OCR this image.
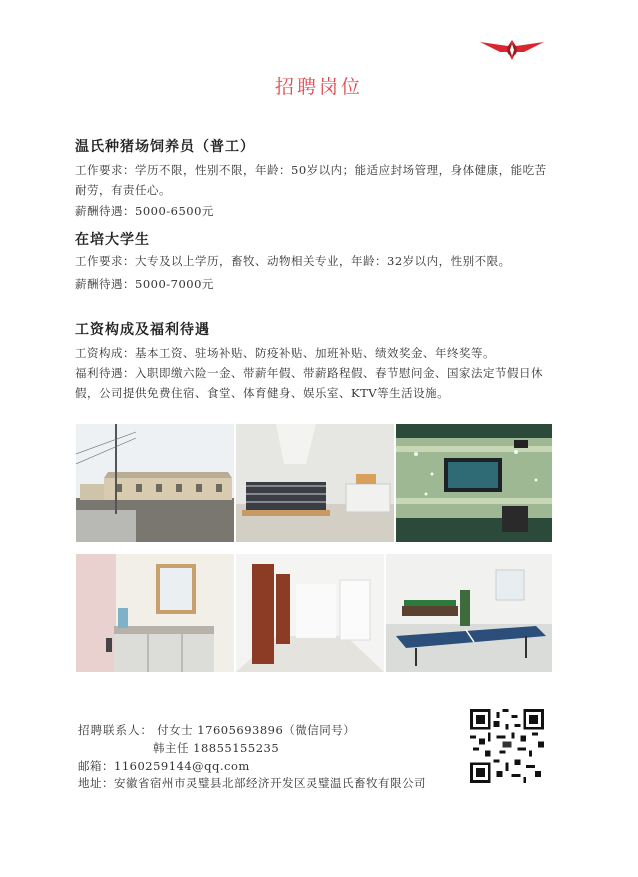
招聘岗位
温氏种猪场饲养员（普工）
工作要求：学历不限，性别不限，年龄：50岁以内；能适应封场管理，身体健康，能吃苦耐劳，有责任心。
薪酬待遇：5000-6500元
在培大学生
工作要求：大专及以上学历，畜牧、动物相关专业，年龄：32岁以内，性别不限。
薪酬待遇：5000-7000元
工资构成及福利待遇
工资构成：基本工资、驻场补贴、防疫补贴、加班补贴、绩效奖金、年终奖等。
福利待遇：入职即缴六险一金、带薪年假、带薪路程假、春节慰问金、国家法定节假日休假，公司提供免费住宿、食堂、体育健身、娱乐室、KTV等生活设施。
招聘联系人： 付女士 17605693896（微信同号）
韩主任 18855155235
邮箱：1160259144@qq.com
地址：安徽省宿州市灵璧县北部经济开发区灵璧温氏畜牧有限公司
